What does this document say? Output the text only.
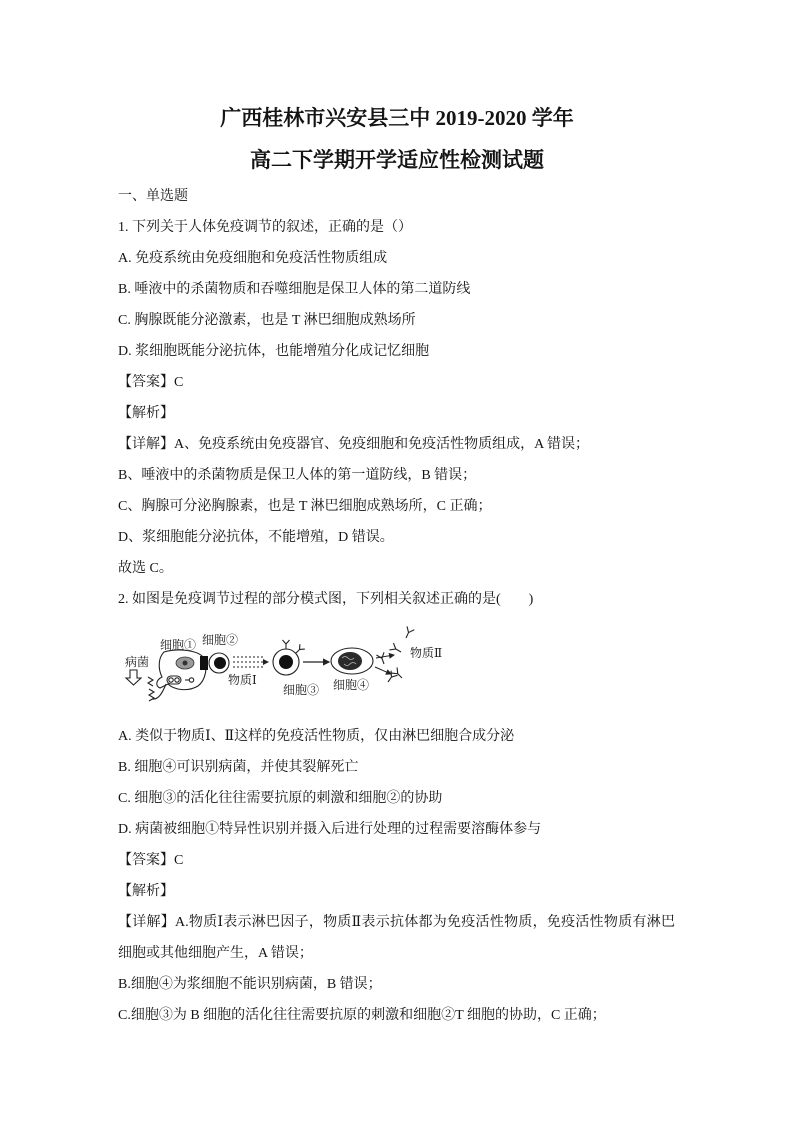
广西桂林市兴安县三中 2019-2020 学年
高二下学期开学适应性检测试题
一、单选题
1. 下列关于人体免疫调节的叙述，正确的是（）
A. 免疫系统由免疫细胞和免疫活性物质组成
B. 唾液中的杀菌物质和吞噬细胞是保卫人体的第二道防线
C. 胸腺既能分泌激素，也是 T 淋巴细胞成熟场所
D. 浆细胞既能分泌抗体，也能增殖分化成记忆细胞
【答案】C
【解析】
【详解】A、免疫系统由免疫器官、免疫细胞和免疫活性物质组成，A 错误；
B、唾液中的杀菌物质是保卫人体的第一道防线，B 错误；
C、胸腺可分泌胸腺素，也是 T 淋巴细胞成熟场所，C 正确；
D、浆细胞能分泌抗体，不能增殖，D 错误。
故选 C。
2. 如图是免疫调节过程的部分模式图，下列相关叙述正确的是(　　)
细胞① 细胞②
病菌
物质Ⅰ
细胞③ 细胞④
物质Ⅱ
A. 类似于物质Ⅰ、Ⅱ这样的免疫活性物质，仅由淋巴细胞合成分泌
B. 细胞④可识别病菌，并使其裂解死亡
C. 细胞③的活化往往需要抗原的刺激和细胞②的协助
D. 病菌被细胞①特异性识别并摄入后进行处理的过程需要溶酶体参与
【答案】C
【解析】
【详解】A.物质Ⅰ表示淋巴因子，物质Ⅱ表示抗体都为免疫活性物质，免疫活性物质有淋巴
细胞或其他细胞产生，A 错误；
B.细胞④为浆细胞不能识别病菌，B 错误；
C.细胞③为 B 细胞的活化往往需要抗原的刺激和细胞②T 细胞的协助，C 正确；
